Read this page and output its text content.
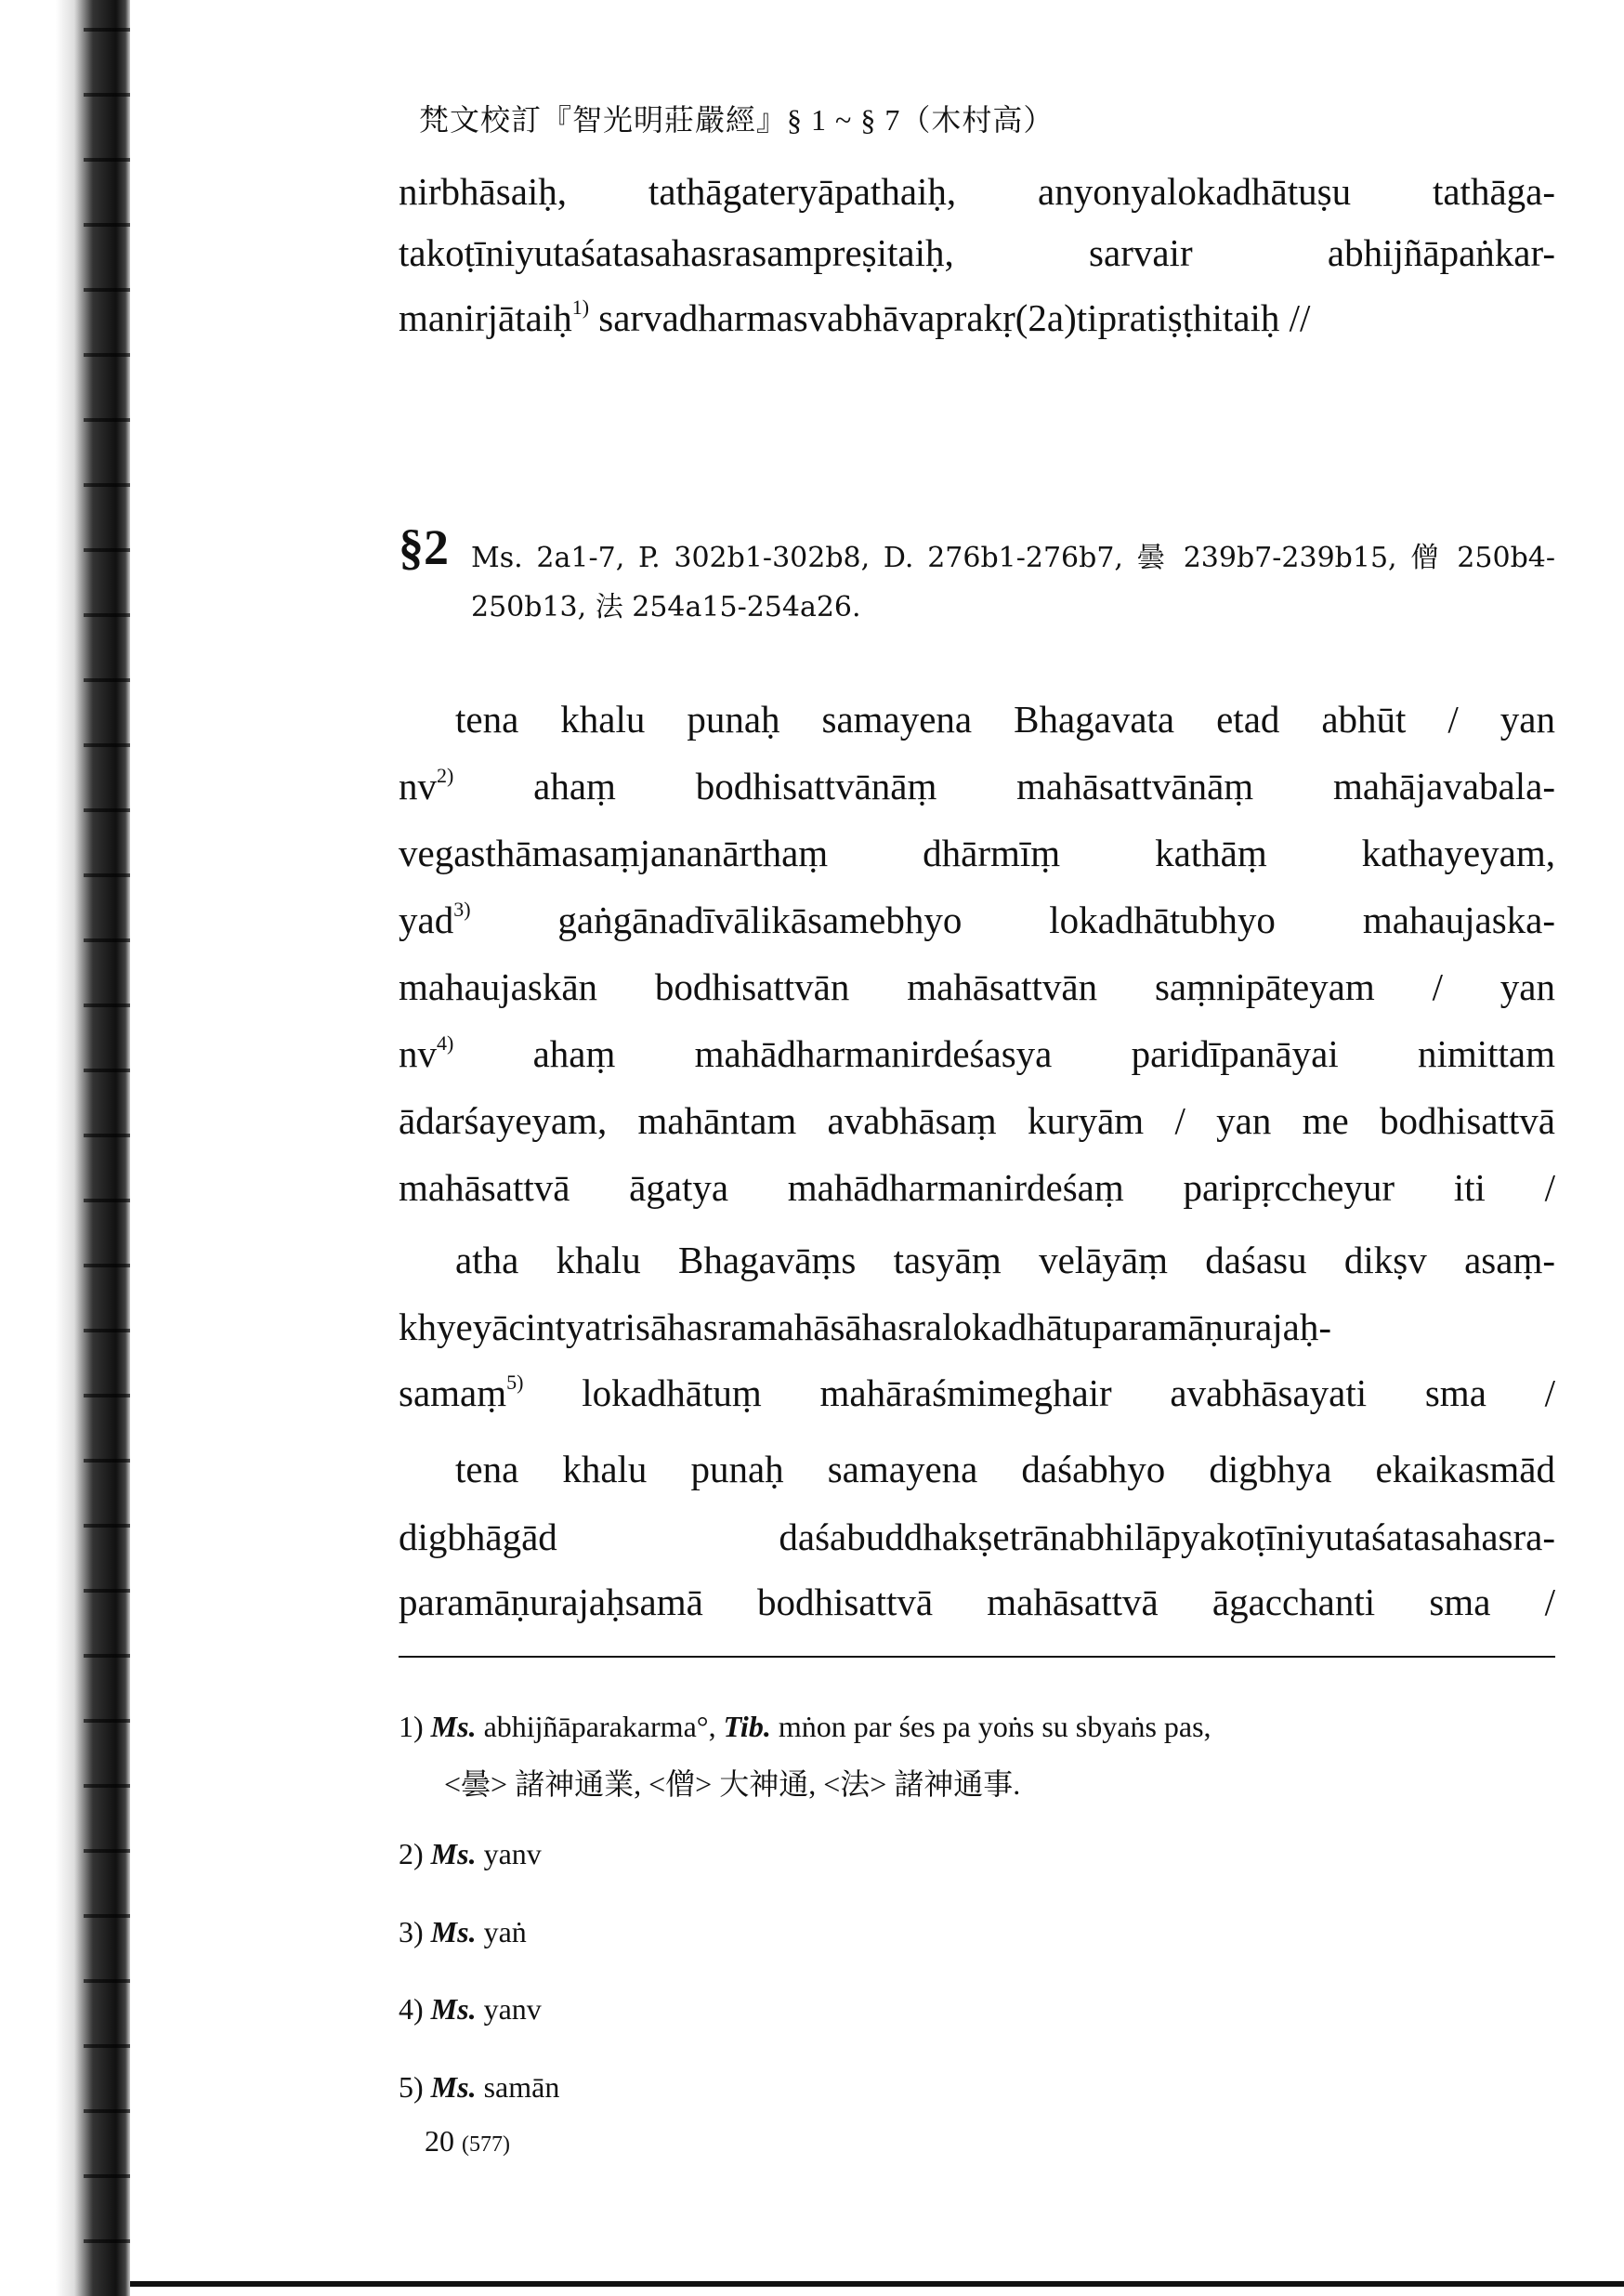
梵文校訂『智光明莊嚴經』§ 1 ~ § 7（木村高）
nirbhāsaiḥ, tathāgateryāpathaiḥ, anyonyalokadhātuṣu tathāga-
takoṭīniyutaśatasahasrasampreṣitaiḥ, sarvair abhijñāpaṅkar-
manirjātaiḥ$^{1)}$ sarvadharmasvabhāvaprakṛ(2a)tipratiṣṭhitaiḥ //
§2 Ms. 2a1-7, P. 302b1-302b8, D. 276b1-276b7, 曇 239b7-239b15, 僧 250b4-
250b13, 法 254a15-254a26.
tena khalu punaḥ samayena Bhagavata etad abhūt / yan
$nv^{2)}$ ahaṃ bodhisattvānāṃ mahāsattvānāṃ mahājavabala-
vegasthāmasaṃjananārthaṃ dhārmīṃ kathāṃ kathayeyam,
yad$^{3)}$ gaṅgānadīvālikāsamebhyo lokadhātubhyo mahaujaska-
mahaujaskān bodhisattvān mahāsattvān saṃnipāteyam / yan
$nv^{4)}$ ahaṃ mahādharmanirdeśasya paridīpanāyai nimittam
ādarśayeyam, mahāntam avabhāsaṃ kuryām / yan me bodhisattvā
mahāsattvā āgatya mahādharmanirdeśaṃ paripṛccheyur iti /
atha khalu Bhagavāṃs tasyāṃ velāyāṃ daśasu dikṣv asaṃ-
khyeyācintyatrisāhasramahāsāhasralokadhātuparamāṇurajaḥ-
samaṃ$^{5)}$ lokadhātuṃ mahāraśmimeghair avabhāsayati sma /
tena khalu punaḥ samayena daśabhyo digbhya ekaikasmād
digbhāgād daśabuddhakṣetrānabhilāpyakoṭīniyutaśatasahasra-
paramāṇurajaḥsamā bodhisattvā mahāsattvā āgacchanti sma /
1) Ms. abhijñāparakarma°, Tib. mṅon par śes pa yoṅs su sbyaṅs pas,
<曇> 諸神通業, <僧> 大神通, <法> 諸神通事.
2) Ms. yanv
3) Ms. yaṅ
4) Ms. yanv
5) Ms. samān
20 (577)
